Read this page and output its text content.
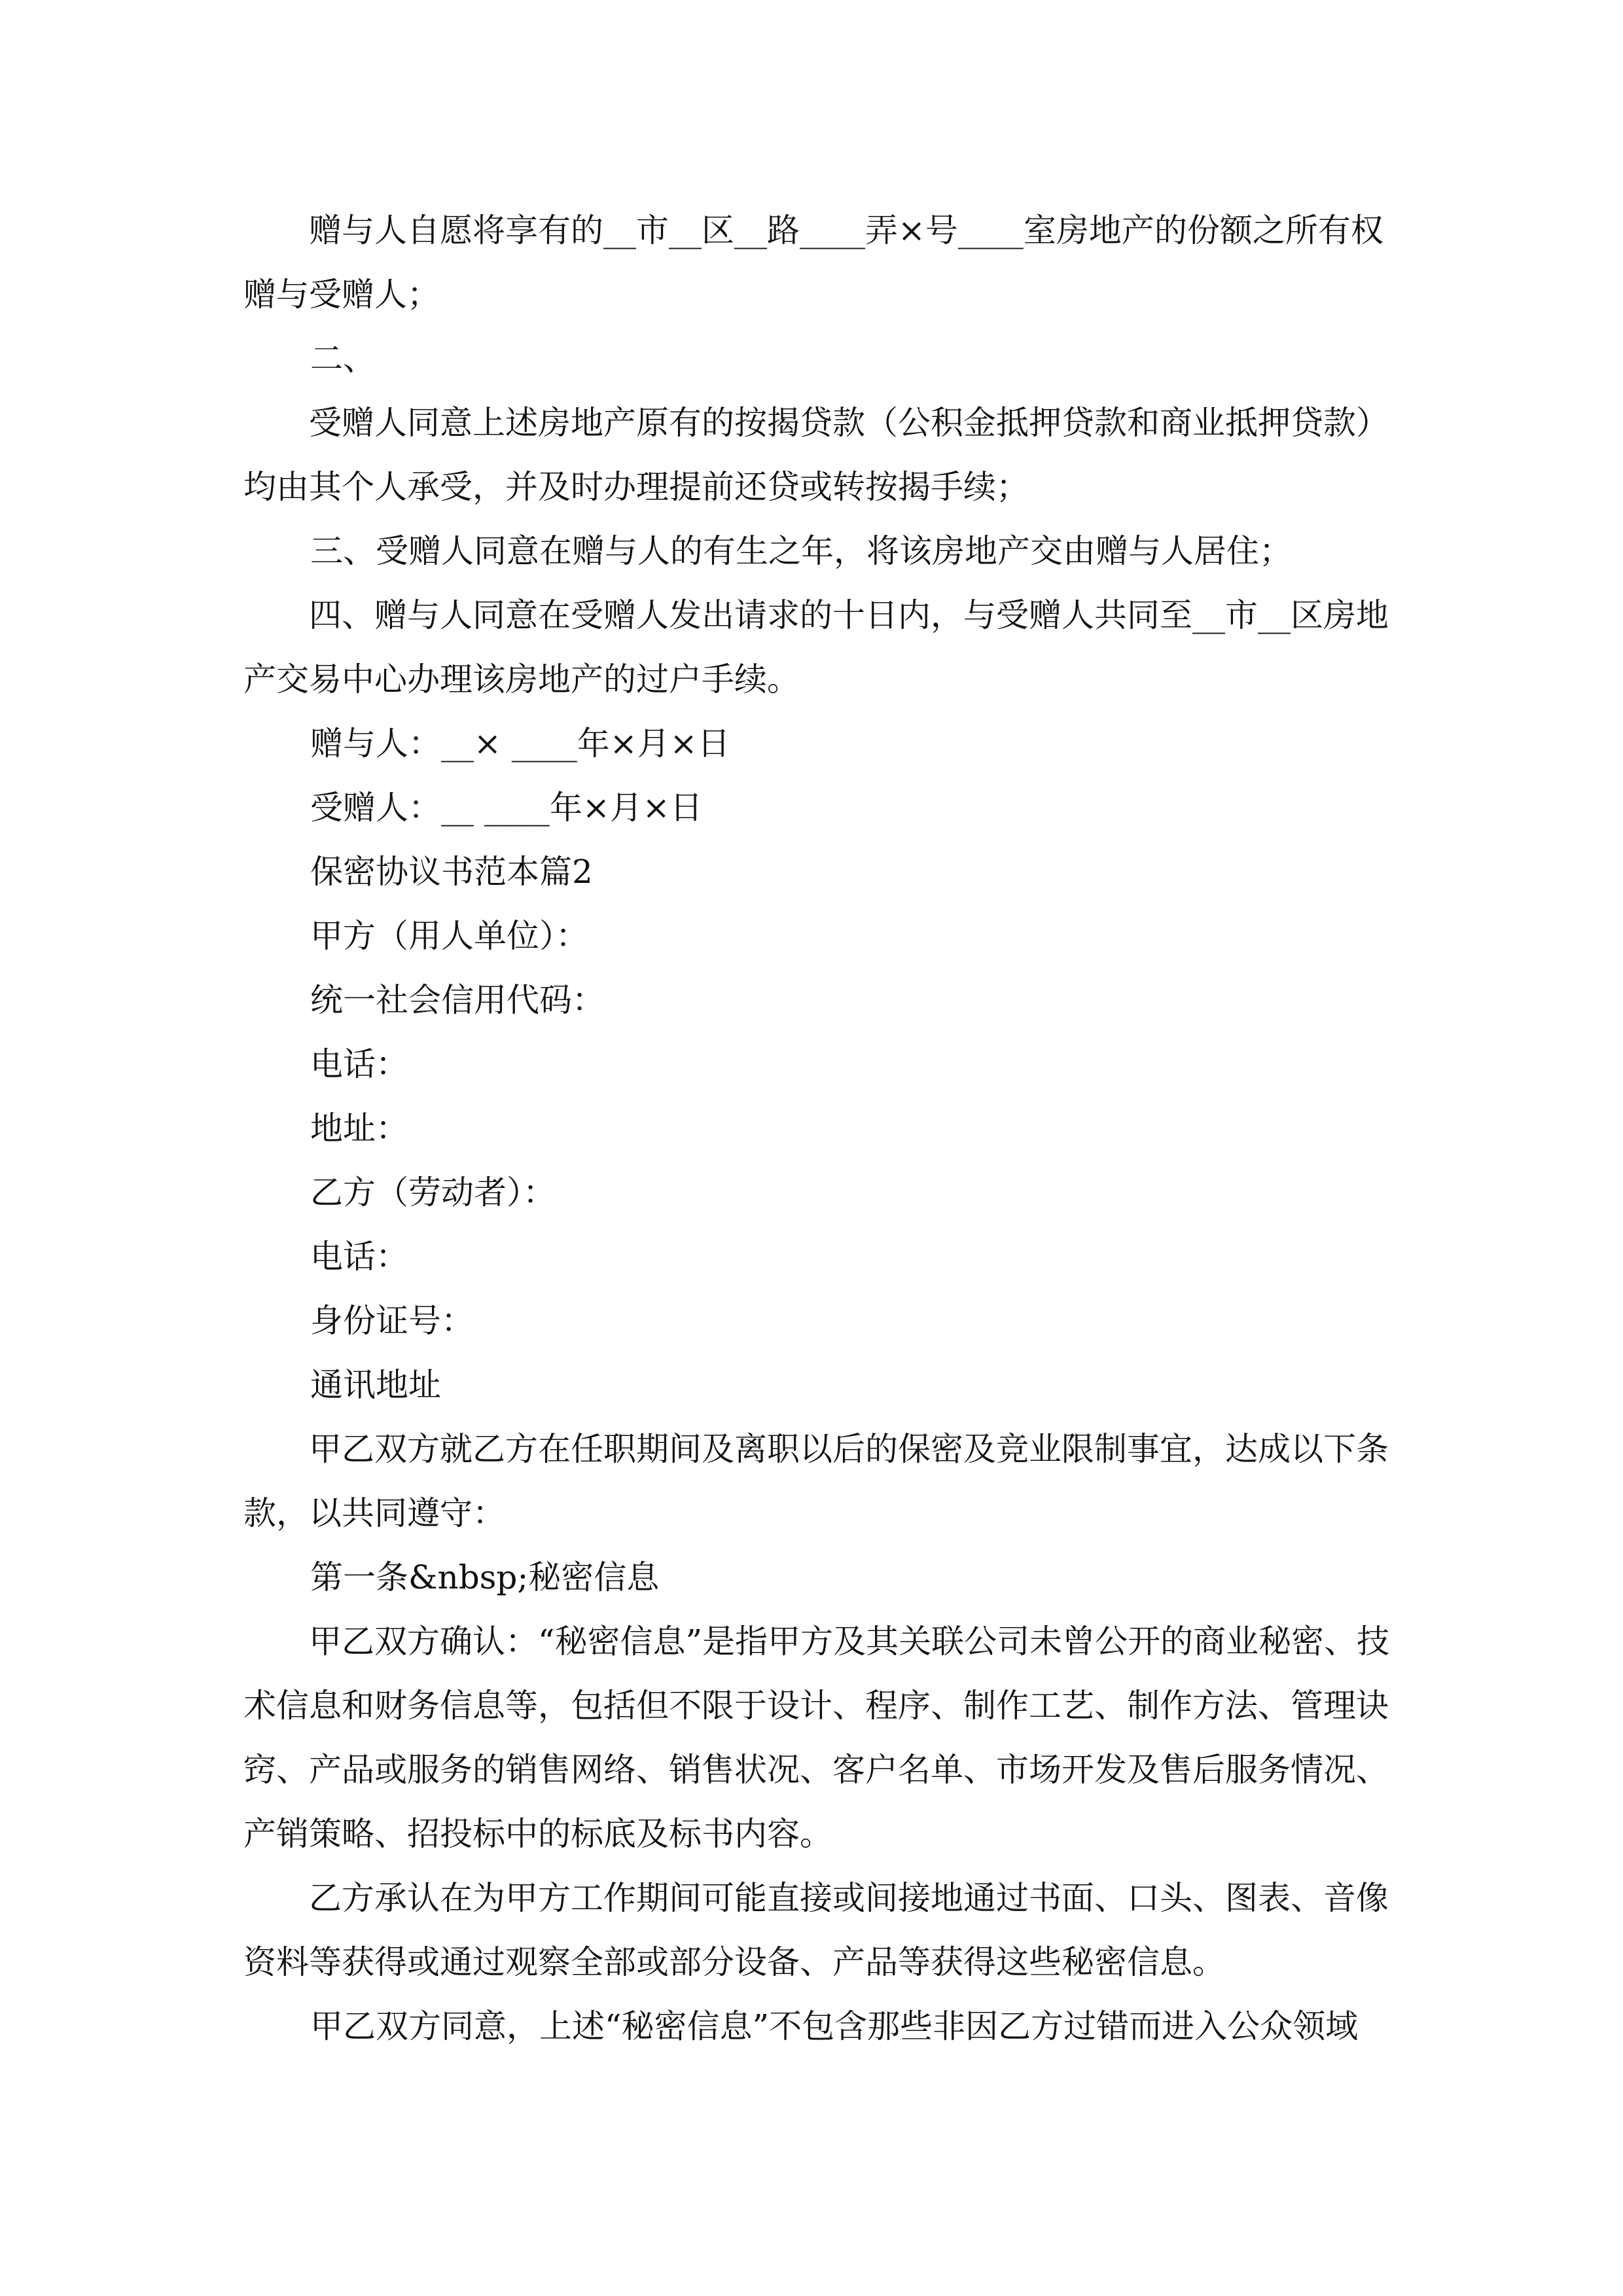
赠与人自愿将享有的__市__区__路____弄×号____室房地产的份额之所有权赠与受赠人；

二、

受赠人同意上述房地产原有的按揭贷款（公积金抵押贷款和商业抵押贷款）均由其个人承受，并及时办理提前还贷或转按揭手续；

三、受赠人同意在赠与人的有生之年，将该房地产交由赠与人居住；

四、赠与人同意在受赠人发出请求的十日内，与受赠人共同至__市__区房地产交易中心办理该房地产的过户手续。

赠与人：__× ____年×月×日

受赠人：__ ____年×月×日

保密协议书范本篇2

甲方（用人单位）：

统一社会信用代码：

电话：

地址：

乙方（劳动者）：

电话：

身份证号：

通讯地址

甲乙双方就乙方在任职期间及离职以后的保密及竞业限制事宜，达成以下条款，以共同遵守：

第一条&nbsp;秘密信息

甲乙双方确认：“秘密信息”是指甲方及其关联公司未曾公开的商业秘密、技术信息和财务信息等，包括但不限于设计、程序、制作工艺、制作方法、管理诀窍、产品或服务的销售网络、销售状况、客户名单、市场开发及售后服务情况、产销策略、招投标中的标底及标书内容。

乙方承认在为甲方工作期间可能直接或间接地通过书面、口头、图表、音像资料等获得或通过观察全部或部分设备、产品等获得这些秘密信息。

甲乙双方同意，上述“秘密信息”不包含那些非因乙方过错而进入公众领域
